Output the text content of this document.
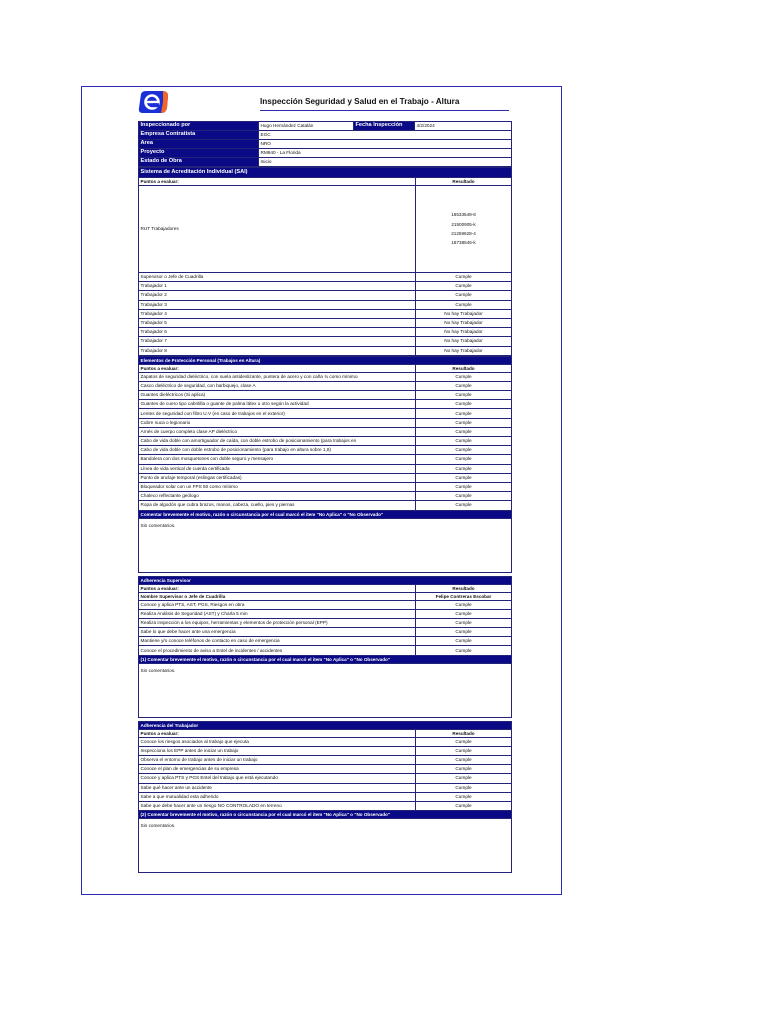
Inspección Seguridad y Salud en el Trabajo - Altura
Inspeccionado por	Hugo Hernández Catalán	Fecha Inspección	4/2/2024
Empresa Contratista	EGC		
Área	NRO		
Proyecto	RM940 - La Florida		
Estado de Obra	Inicio		
Sistema de Acreditación Individual (SAI)	
Puntos a evaluar:	Resultado
RUT Trabajadores	16533549-8
21500905-k
21269628-4
18738546-k

Supervisor o Jefe de Cuadrilla	Cumple
Trabajador 1	Cumple
Trabajador 2	Cumple
Trabajador 3	Cumple
Trabajador 4	No hay Trabajador
Trabajador 5	No hay Trabajador
Trabajador 6	No hay Trabajador
Trabajador 7	No hay Trabajador
Trabajador 8	No hay Trabajador
Elementos de Protección Personal (Trabajos en Altura)	
Puntos a evaluar:	Resultado
Zapatos de seguridad dieléctrico, con suela antideslizante, puntera de acero y con caña ¾ como mínimo	Cumple
Casco dieléctrico de seguridad, con barbiquejo, clase A	Cumple
Guantes dieléctricos (Si aplica)	Cumple
Guantes de cuero tipo cabritilla o guante de palma látex u otro según la actividad	Cumple
Lentes de seguridad con filtro U.V (en caso de trabajos en el exterior)	Cumple
Cubre nuca o legionario	Cumple
Arnés de cuerpo completo clase AP dieléctrico	Cumple
Cabo de vida doble con amortiguador de caída, con doble estrobo de posicionamiento (para trabajos en	Cumple
Cabo de vida doble con doble estrobo de posicionamiento (para trabajo en altura sobre 1,8)	Cumple
Bandolera con dos mosquetones con doble seguro y mensajero	Cumple
Línea de vida vertical de cuerda certificada	Cumple
Punto de anclaje temporal (eslingas certificadas)	Cumple
Bloqueador solar con un FPS 50 como mínimo	Cumple
Chaleco reflectante geólogo	Cumple
Ropa de algodón que cubra brazos, manos, cabeza, cuello, pies y piernas	Cumple
Comentar brevemente el motivo, razón o circunstancia por el cual marcó el item "No Aplica" o "No Observado"	
Sin comentarios.	
Adherencia Supervisor	
Puntos a evaluar:	Resultado
Nombre Supervisor o Jefe de Cuadrilla	Felipe Contreras Escobar
Conoce y aplica PTS, AST, PGS, Riesgos en obra	Cumple
Realiza Análisis de Seguridad (AST) y Charla 5 min	Cumple
Realiza inspección a los equipos, herramientas y elementos de protección personal (EPP)	Cumple
Sabe lo que debe hacer ante una emergencia	Cumple
Mantiene y/o conoce teléfonos de contacto en caso de emergencia	Cumple
Conoce el procedimiento de aviso a Entel de incidentes / accidentes	Cumple
(1) Comentar brevemente el motivo, razón o circunstancia por el cual marcó el item "No Aplica" o "No Observado"	
Sin comentarios.	
Adherencia del Trabajador	
Puntos a evaluar:	Resultado
Conoce los riesgos asociados al trabajo que ejecuta	Cumple
Inspecciona los EPP antes de iniciar un trabajo	Cumple
Observa el entorno de trabajo antes de iniciar un trabajo	Cumple
Conoce el plan de emergencias de su empresa	Cumple
Conoce y aplica PTS y PGS Entel del trabajo que está ejecutando	Cumple
Sabe qué hacer ante un accidente	Cumple
Sabe a que mutualidad esta adherido	Cumple
Sabe que debe hacer ante un riesgo NO CONTROLADO en terreno	Cumple
(2) Comentar brevemente el motivo, razón o circunstancia por el cual marcó el item "No Aplica" o "No Observado"	
Sin comentarios.	
